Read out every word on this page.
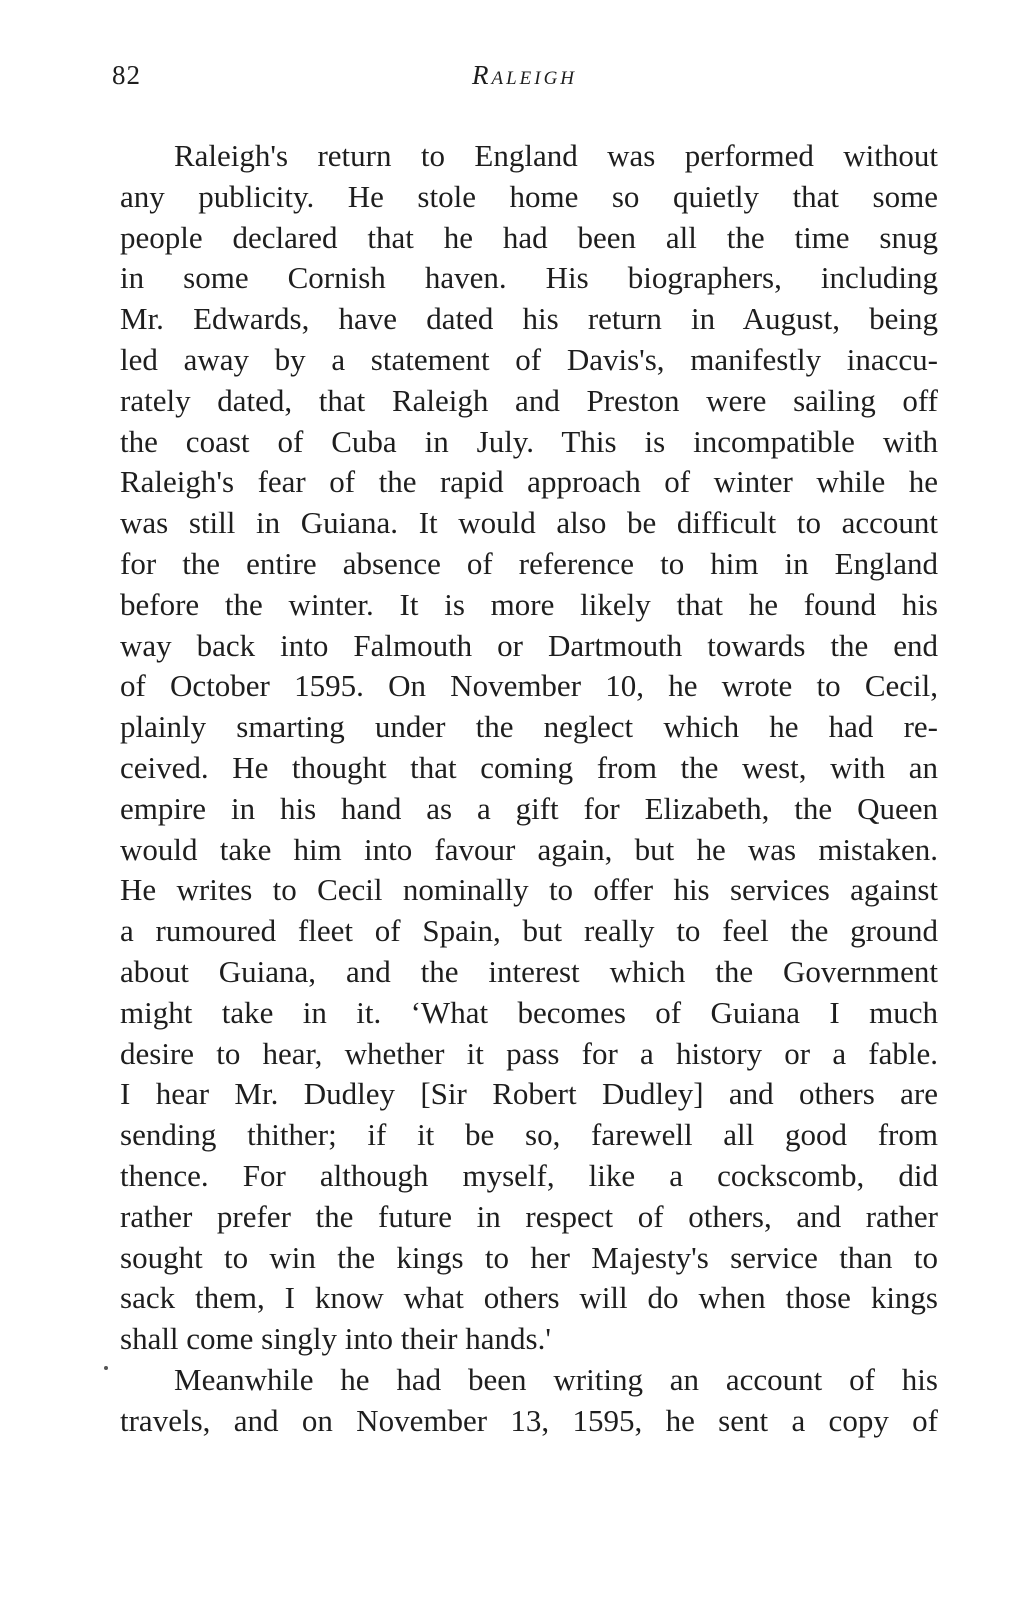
82	Raleigh
Raleigh's return to England was performed without
any publicity. He stole home so quietly that some
people declared that he had been all the time snug
in some Cornish haven. His biographers, including
Mr. Edwards, have dated his return in August, being
led away by a statement of Davis's, manifestly inaccu-
rately dated, that Raleigh and Preston were sailing off
the coast of Cuba in July. This is incompatible with
Raleigh's fear of the rapid approach of winter while he
was still in Guiana. It would also be difficult to account
for the entire absence of reference to him in England
before the winter. It is more likely that he found his
way back into Falmouth or Dartmouth towards the end
of October 1595. On November 10, he wrote to Cecil,
plainly smarting under the neglect which he had re-
ceived. He thought that coming from the west, with an
empire in his hand as a gift for Elizabeth, the Queen
would take him into favour again, but he was mistaken.
He writes to Cecil nominally to offer his services against
a rumoured fleet of Spain, but really to feel the ground
about Guiana, and the interest which the Government
might take in it. ‘What becomes of Guiana I much
desire to hear, whether it pass for a history or a fable.
I hear Mr. Dudley [Sir Robert Dudley] and others are
sending thither; if it be so, farewell all good from
thence. For although myself, like a cockscomb, did
rather prefer the future in respect of others, and rather
sought to win the kings to her Majesty's service than to
sack them, I know what others will do when those kings
shall come singly into their hands.'
Meanwhile he had been writing an account of his
travels, and on November 13, 1595, he sent a copy of
